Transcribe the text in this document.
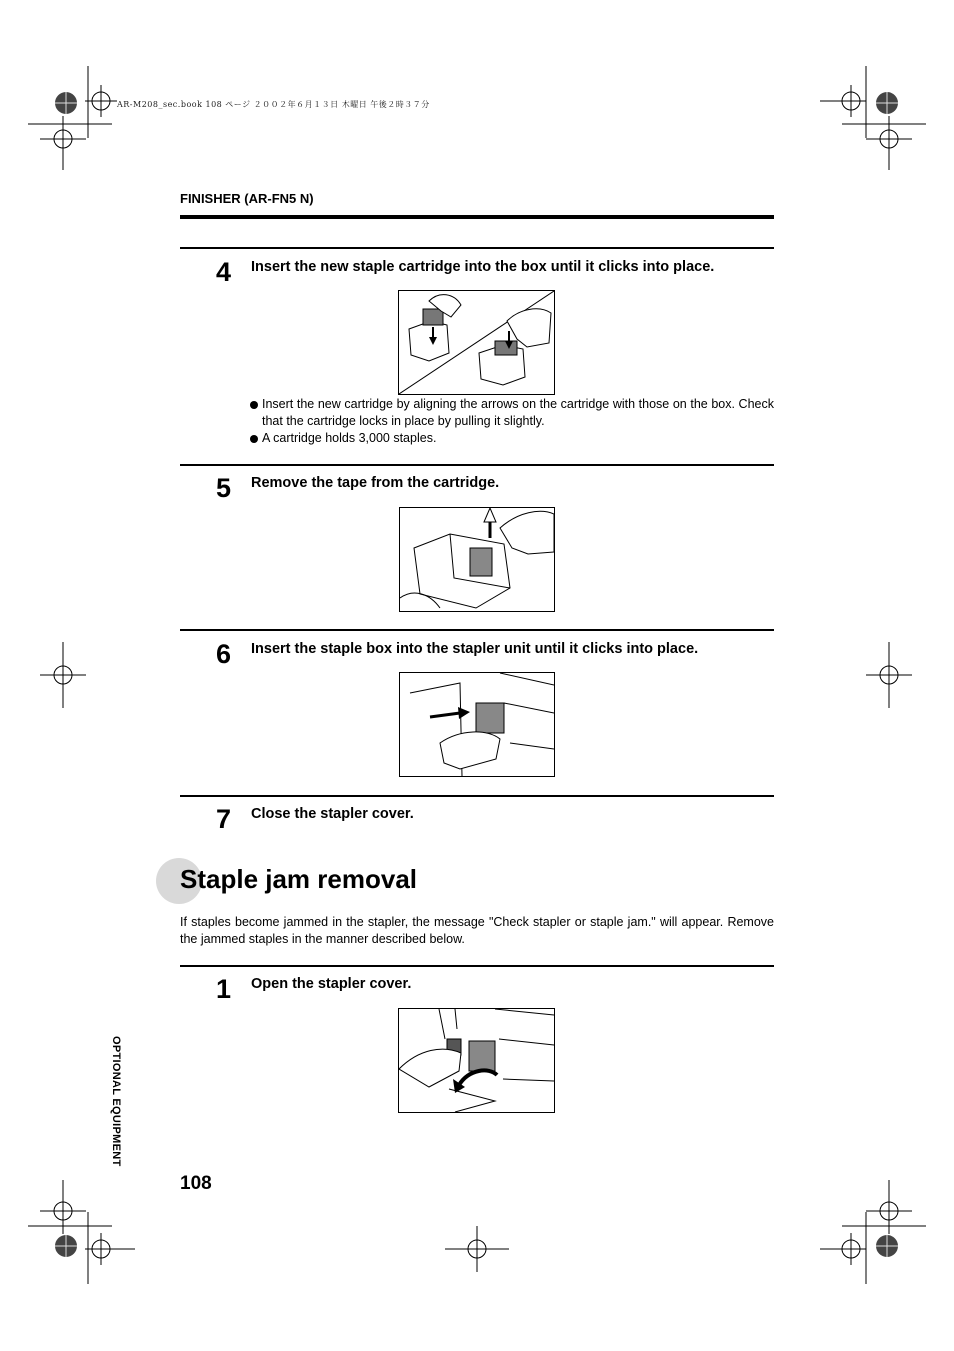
AR-M208_sec.book 108 ページ ２００２年６月１３日 木曜日 午後２時３７分
FINISHER (AR-FN5 N)
4	Insert the new staple cartridge into the box until it clicks into place.
Insert the new cartridge by aligning the arrows on the cartridge with those on the box. Check that the cartridge locks in place by pulling it slightly.
A cartridge holds 3,000 staples.
5	Remove the tape from the cartridge.
6	Insert the staple box into the stapler unit until it clicks into place.
7	Close the stapler cover.
Staple jam removal
If staples become jammed in the stapler, the message "Check stapler or staple jam." will appear. Remove the jammed staples in the manner described below.
1	Open the stapler cover.
OPTIONAL EQUIPMENT
108
